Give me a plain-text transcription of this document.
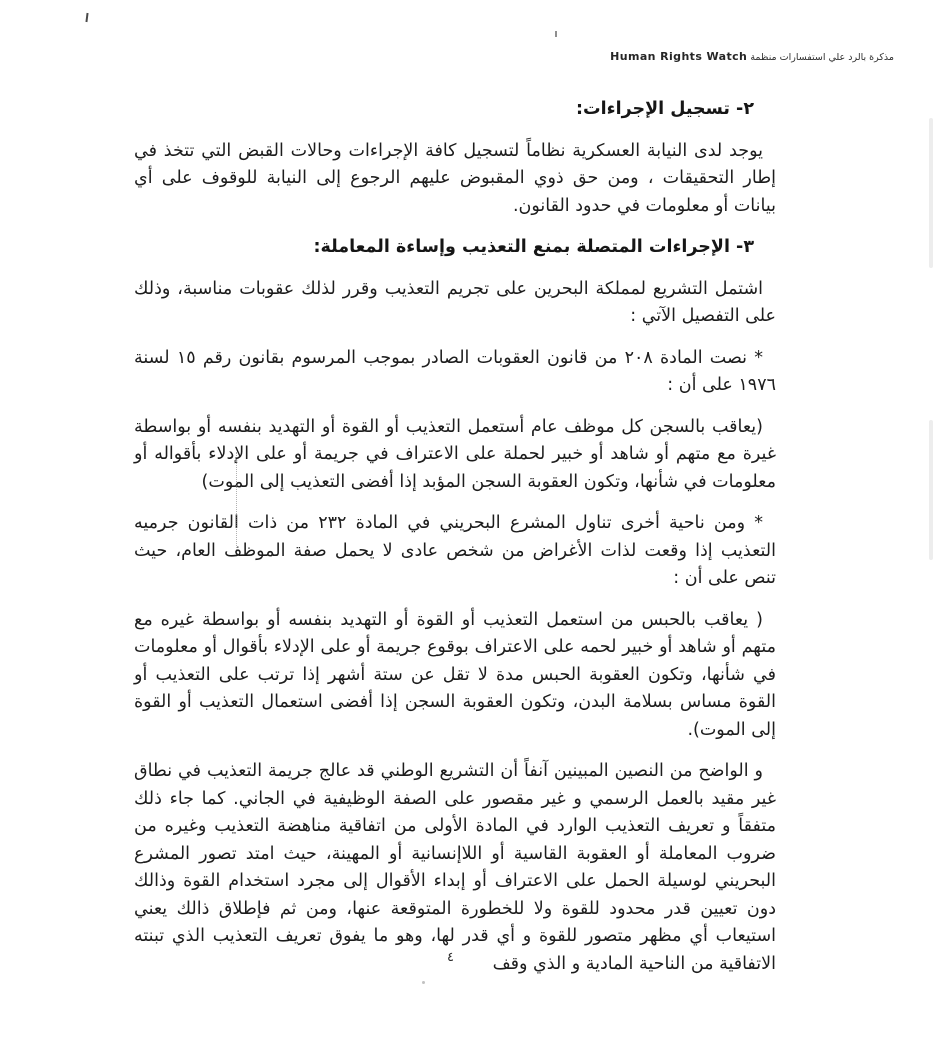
مذكرة بالرد علي استفسارات منظمة Human Rights Watch
٢- تسجيل الإجراءات:

يوجد لدى النيابة العسكرية نظاماً لتسجيل كافة الإجراءات وحالات القبض التي تتخذ في إطار التحقيقات ، ومن حق ذوي المقبوض عليهم الرجوع إلى النيابة للوقوف على أي بيانات أو معلومات في حدود القانون.

٣- الإجراءات المتصلة بمنع التعذيب وإساءة المعاملة:

اشتمل التشريع لمملكة البحرين على تجريم التعذيب وقرر لذلك عقوبات مناسبة، وذلك على التفصيل الآتي :

* نصت المادة ٢٠٨ من قانون العقوبات الصادر بموجب المرسوم بقانون رقم ١٥ لسنة ١٩٧٦ على أن :

(يعاقب بالسجن كل موظف عام أستعمل التعذيب أو القوة أو التهديد بنفسه أو بواسطة غيرة مع متهم أو شاهد أو خبير لحملة على الاعتراف في جريمة أو على الإدلاء بأقواله أو معلومات في شأنها، وتكون العقوبة السجن المؤبد إذا أفضى التعذيب إلى الموت)

* ومن ناحية أخرى تناول المشرع البحريني في المادة ٢٣٢ من ذات القانون جرميه التعذيب إذا وقعت لذات الأغراض من شخص عادى لا يحمل صفة الموظف العام، حيث تنص على أن :

( يعاقب بالحبس من استعمل التعذيب أو القوة أو التهديد بنفسه أو بواسطة غيره مع متهم أو شاهد أو خبير لحمه على الاعتراف بوقوع جريمة أو على الإدلاء بأقوال أو معلومات في شأنها، وتكون العقوبة الحبس مدة لا تقل عن ستة أشهر إذا ترتب على التعذيب أو القوة مساس بسلامة البدن، وتكون العقوبة السجن إذا أفضى استعمال التعذيب أو القوة إلى الموت).

و الواضح من النصين المبينين آنفاً أن التشريع الوطني قد عالج جريمة التعذيب في نطاق غير مقيد بالعمل الرسمي و غير مقصور على الصفة الوظيفية في الجاني. كما جاء ذلك متفقاً و تعريف التعذيب الوارد في المادة الأولى من اتفاقية مناهضة التعذيب وغيره من ضروب المعاملة أو العقوبة القاسية أو اللاإنسانية أو المهينة، حيث امتد تصور المشرع البحريني لوسيلة الحمل على الاعتراف أو إبداء الأقوال إلى مجرد استخدام القوة وذالك دون تعيين قدر محدود للقوة ولا للخطورة المتوقعة عنها، ومن ثم فإطلاق ذالك يعني استيعاب أي مظهر متصور للقوة و أي قدر لها، وهو ما يفوق تعريف التعذيب الذي تبنته الاتفاقية من الناحية المادية و الذي وقف

٤
